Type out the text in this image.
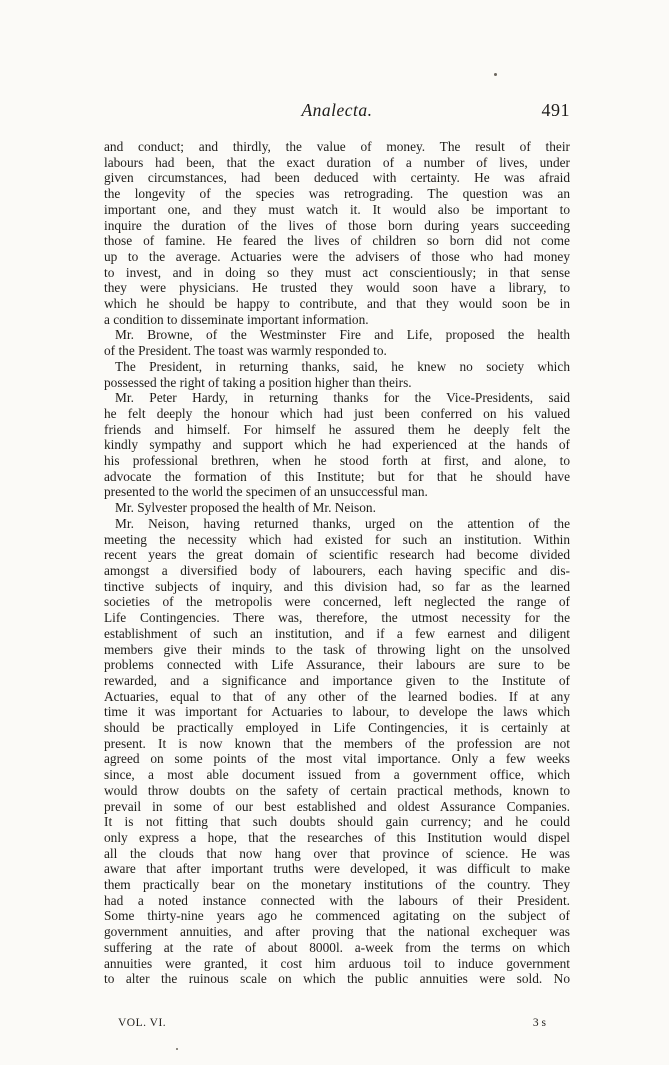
Analecta.	491
and conduct; and thirdly, the value of money. The result of their
labours had been, that the exact duration of a number of lives, under
given circumstances, had been deduced with certainty. He was afraid
the longevity of the species was retrograding. The question was an
important one, and they must watch it. It would also be important to
inquire the duration of the lives of those born during years succeeding
those of famine. He feared the lives of children so born did not come
up to the average. Actuaries were the advisers of those who had money
to invest, and in doing so they must act conscientiously; in that sense
they were physicians. He trusted they would soon have a library, to
which he should be happy to contribute, and that they would soon be in
a condition to disseminate important information.
Mr. Browne, of the Westminster Fire and Life, proposed the health
of the President. The toast was warmly responded to.
The President, in returning thanks, said, he knew no society which
possessed the right of taking a position higher than theirs.
Mr. Peter Hardy, in returning thanks for the Vice-Presidents, said
he felt deeply the honour which had just been conferred on his valued
friends and himself. For himself he assured them he deeply felt the
kindly sympathy and support which he had experienced at the hands of
his professional brethren, when he stood forth at first, and alone, to
advocate the formation of this Institute; but for that he should have
presented to the world the specimen of an unsuccessful man.
Mr. Sylvester proposed the health of Mr. Neison.
Mr. Neison, having returned thanks, urged on the attention of the
meeting the necessity which had existed for such an institution. Within
recent years the great domain of scientific research had become divided
amongst a diversified body of labourers, each having specific and dis-
tinctive subjects of inquiry, and this division had, so far as the learned
societies of the metropolis were concerned, left neglected the range of
Life Contingencies. There was, therefore, the utmost necessity for the
establishment of such an institution, and if a few earnest and diligent
members give their minds to the task of throwing light on the unsolved
problems connected with Life Assurance, their labours are sure to be
rewarded, and a significance and importance given to the Institute of
Actuaries, equal to that of any other of the learned bodies. If at any
time it was important for Actuaries to labour, to develope the laws which
should be practically employed in Life Contingencies, it is certainly at
present. It is now known that the members of the profession are not
agreed on some points of the most vital importance. Only a few weeks
since, a most able document issued from a government office, which
would throw doubts on the safety of certain practical methods, known to
prevail in some of our best established and oldest Assurance Companies.
It is not fitting that such doubts should gain currency; and he could
only express a hope, that the researches of this Institution would dispel
all the clouds that now hang over that province of science. He was
aware that after important truths were developed, it was difficult to make
them practically bear on the monetary institutions of the country. They
had a noted instance connected with the labours of their President.
Some thirty-nine years ago he commenced agitating on the subject of
government annuities, and after proving that the national exchequer was
suffering at the rate of about 8000l. a-week from the terms on which
annuities were granted, it cost him arduous toil to induce government
to alter the ruinous scale on which the public annuities were sold. No
VOL. VI.	3 s
